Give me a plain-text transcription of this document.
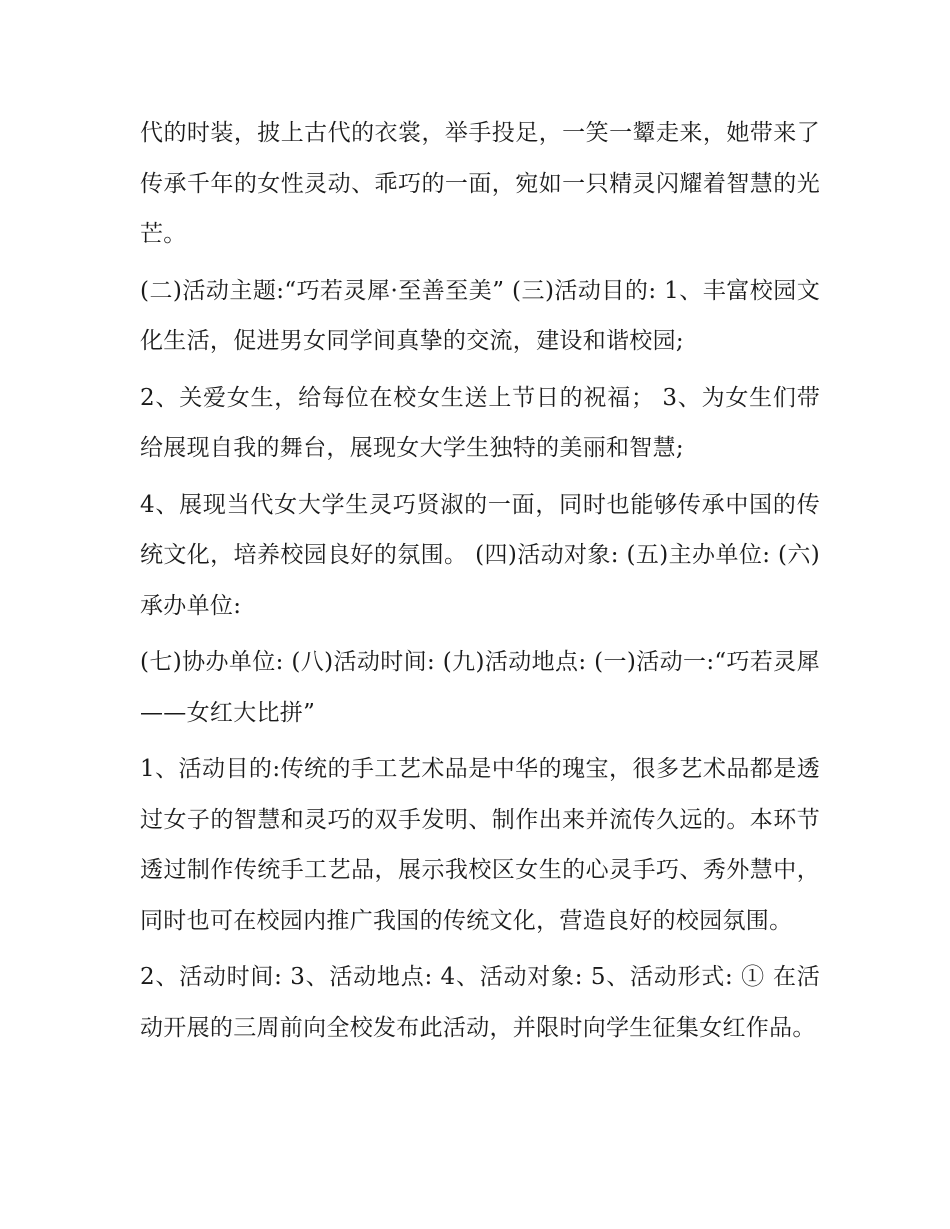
代的时装，披上古代的衣裳，举手投足，一笑一颦走来，她带来了传承千年的女性灵动、乖巧的一面，宛如一只精灵闪耀着智慧的光芒。

(二)活动主题:“巧若灵犀·至善至美” (三)活动目的: 1、丰富校园文化生活，促进男女同学间真挚的交流，建设和谐校园;

2、关爱女生，给每位在校女生送上节日的祝福； 3、为女生们带给展现自我的舞台，展现女大学生独特的美丽和智慧;

4、展现当代女大学生灵巧贤淑的一面，同时也能够传承中国的传统文化，培养校园良好的氛围。 (四)活动对象: (五)主办单位: (六)承办单位:

(七)协办单位: (八)活动时间: (九)活动地点: (一)活动一:“巧若灵犀——女红大比拼”

1、活动目的:传统的手工艺术品是中华的瑰宝，很多艺术品都是透过女子的智慧和灵巧的双手发明、制作出来并流传久远的。本环节透过制作传统手工艺品，展示我校区女生的心灵手巧、秀外慧中，同时也可在校园内推广我国的传统文化，营造良好的校园氛围。

2、活动时间: 3、活动地点: 4、活动对象: 5、活动形式: ① 在活动开展的三周前向全校发布此活动，并限时向学生征集女红作品。
